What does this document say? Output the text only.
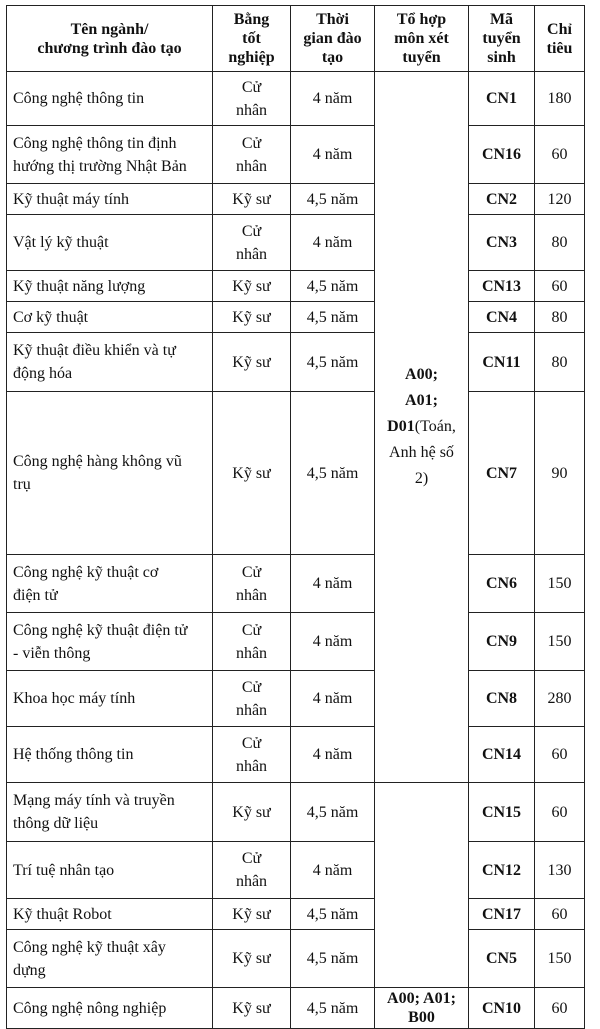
Tên ngành/
chương trình đào tạo	Bằng
tốt
nghiệp	Thời
gian đào
tạo	Tổ hợp
môn xét
tuyển	Mã
tuyển
sinh	Chỉ
tiêu
Công nghệ thông tin	Cử
nhân	4 năm	A00;
A01;
D01(Toán,
Anh hệ số
2)	CN1	180
Công nghệ thông tin định
hướng thị trường Nhật Bản	Cử
nhân	4 năm		CN16	60
Kỹ thuật máy tính	Kỹ sư	4,5 năm		CN2	120
Vật lý kỹ thuật	Cử
nhân	4 năm		CN3	80
Kỹ thuật năng lượng	Kỹ sư	4,5 năm		CN13	60
Cơ kỹ thuật	Kỹ sư	4,5 năm		CN4	80
Kỹ thuật điều khiển và tự
động hóa	Kỹ sư	4,5 năm		CN11	80
Công nghệ hàng không vũ
trụ	Kỹ sư	4,5 năm		CN7	90
Công nghệ kỹ thuật cơ
điện tử	Cử
nhân	4 năm		CN6	150
Công nghệ kỹ thuật điện tử
- viễn thông	Cử
nhân	4 năm		CN9	150
Khoa học máy tính	Cử
nhân	4 năm		CN8	280
Hệ thống thông tin	Cử
nhân	4 năm		CN14	60
Mạng máy tính và truyền
thông dữ liệu	Kỹ sư	4,5 năm		CN15	60
Trí tuệ nhân tạo	Cử
nhân	4 năm		CN12	130
Kỹ thuật Robot	Kỹ sư	4,5 năm		CN17	60
Công nghệ kỹ thuật xây
dựng	Kỹ sư	4,5 năm		CN5	150
Công nghệ nông nghiệp	Kỹ sư	4,5 năm	A00; A01;
B00	CN10	60
